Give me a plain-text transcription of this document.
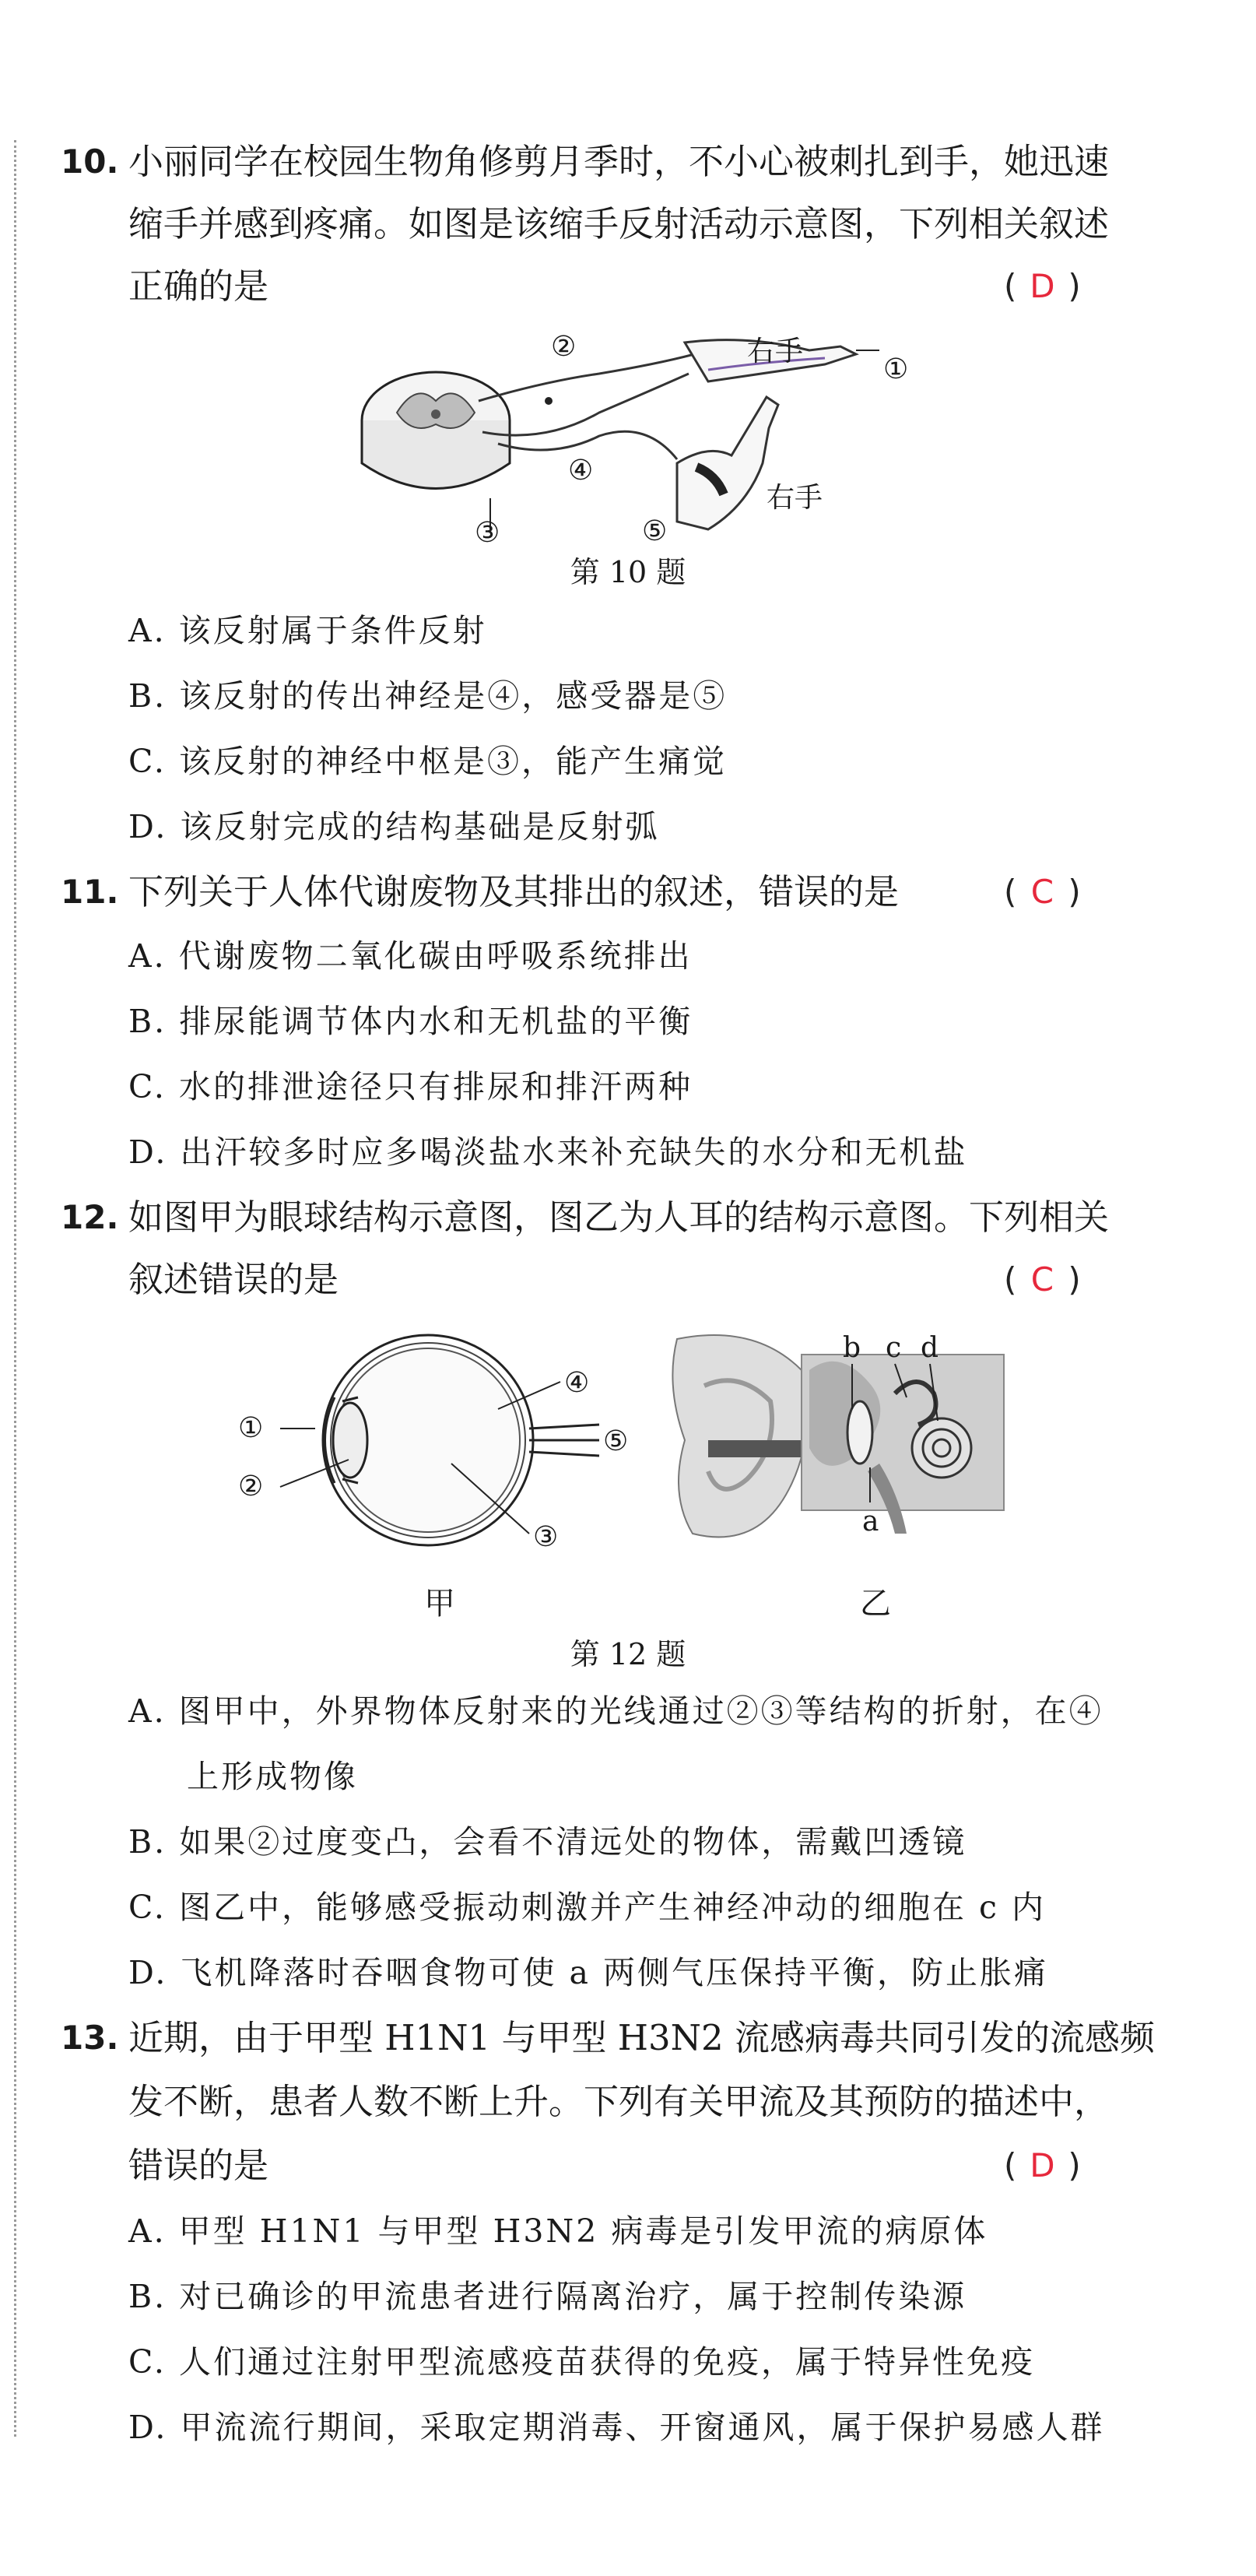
10. 小丽同学在校园生物角修剪月季时，不小心被刺扎到手，她迅速
缩手并感到疼痛。如图是该缩手反射活动示意图，下列相关叙述
正确的是	( D )
②	右手
①
④
右手
③	⑤
第 10 题
A. 该反射属于条件反射
B. 该反射的传出神经是④，感受器是⑤
C. 该反射的神经中枢是③，能产生痛觉
D. 该反射完成的结构基础是反射弧
11. 下列关于人体代谢废物及其排出的叙述，错误的是	( C )
A. 代谢废物二氧化碳由呼吸系统排出
B. 排尿能调节体内水和无机盐的平衡
C. 水的排泄途径只有排尿和排汗两种
D. 出汗较多时应多喝淡盐水来补充缺失的水分和无机盐
12. 如图甲为眼球结构示意图，图乙为人耳的结构示意图。下列相关
叙述错误的是	( C )
①
②
④
⑤
③
甲
b c d
a
乙
第 12 题
A. 图甲中，外界物体反射来的光线通过②③等结构的折射，在④
上形成物像
B. 如果②过度变凸，会看不清远处的物体，需戴凹透镜
C. 图乙中，能够感受振动刺激并产生神经冲动的细胞在 c 内
D. 飞机降落时吞咽食物可使 a 两侧气压保持平衡，防止胀痛
13. 近期，由于甲型 H1N1 与甲型 H3N2 流感病毒共同引发的流感频
发不断，患者人数不断上升。下列有关甲流及其预防的描述中，
错误的是	( D )
A. 甲型 H1N1 与甲型 H3N2 病毒是引发甲流的病原体
B. 对已确诊的甲流患者进行隔离治疗，属于控制传染源
C. 人们通过注射甲型流感疫苗获得的免疫，属于特异性免疫
D. 甲流流行期间，采取定期消毒、开窗通风，属于保护易感人群
